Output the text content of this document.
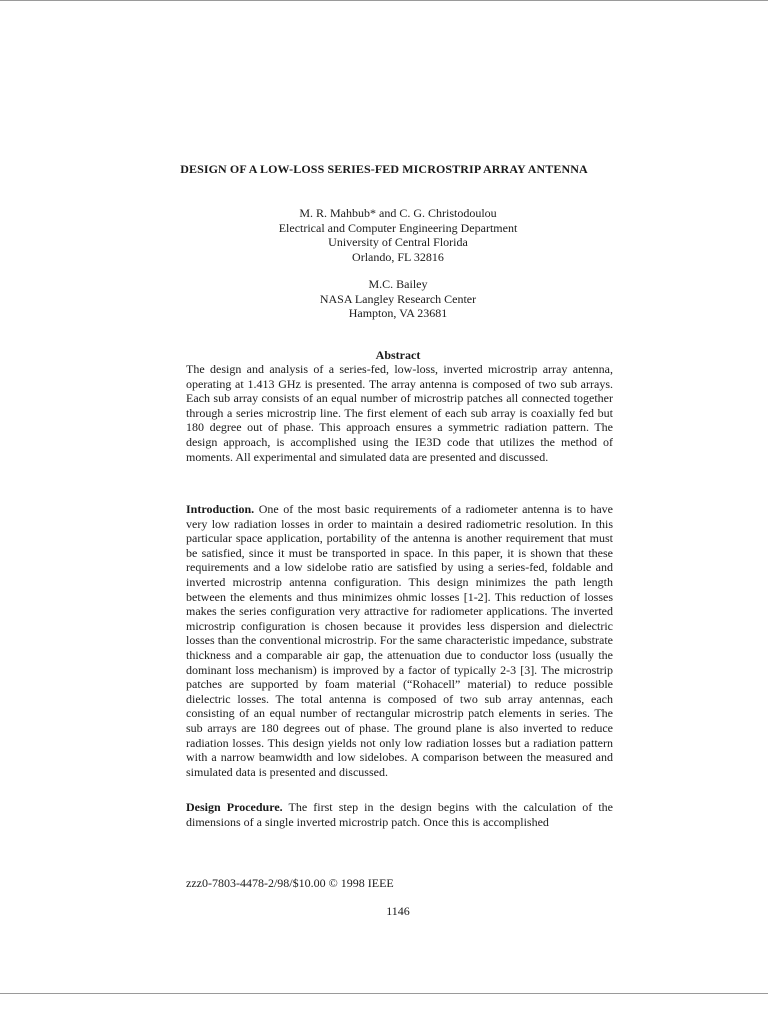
DESIGN OF A LOW-LOSS SERIES-FED MICROSTRIP ARRAY ANTENNA
M. R. Mahbub* and C. G. Christodoulou
Electrical and Computer Engineering Department
University of Central Florida
Orlando, FL 32816
M.C. Bailey
NASA Langley Research Center
Hampton, VA 23681
Abstract

The design and analysis of a series-fed, low-loss, inverted microstrip array antenna, operating at 1.413 GHz is presented. The array antenna is composed of two sub arrays. Each sub array consists of an equal number of microstrip patches all connected together through a series microstrip line. The first element of each sub array is coaxially fed but 180 degree out of phase. This approach ensures a symmetric radiation pattern. The design approach, is accomplished using the IE3D code that utilizes the method of moments. All experimental and simulated data are presented and discussed.

Introduction. One of the most basic requirements of a radiometer antenna is to have very low radiation losses in order to maintain a desired radiometric resolution. In this particular space application, portability of the antenna is another requirement that must be satisfied, since it must be transported in space. In this paper, it is shown that these requirements and a low sidelobe ratio are satisfied by using a series-fed, foldable and inverted microstrip antenna configuration. This design minimizes the path length between the elements and thus minimizes ohmic losses [1-2]. This reduction of losses makes the series configuration very attractive for radiometer applications. The inverted microstrip configuration is chosen because it provides less dispersion and dielectric losses than the conventional microstrip. For the same characteristic impedance, substrate thickness and a comparable air gap, the attenuation due to conductor loss (usually the dominant loss mechanism) is improved by a factor of typically 2-3 [3]. The microstrip patches are supported by foam material (“Rohacell” material) to reduce possible dielectric losses. The total antenna is composed of two sub array antennas, each consisting of an equal number of rectangular microstrip patch elements in series. The sub arrays are 180 degrees out of phase. The ground plane is also inverted to reduce radiation losses. This design yields not only low radiation losses but a radiation pattern with a narrow beamwidth and low sidelobes. A comparison between the measured and simulated data is presented and discussed.

Design Procedure. The first step in the design begins with the calculation of the dimensions of a single inverted microstrip patch. Once this is accomplished

zzz0-7803-4478-2/98/$10.00 © 1998 IEEE

1146
